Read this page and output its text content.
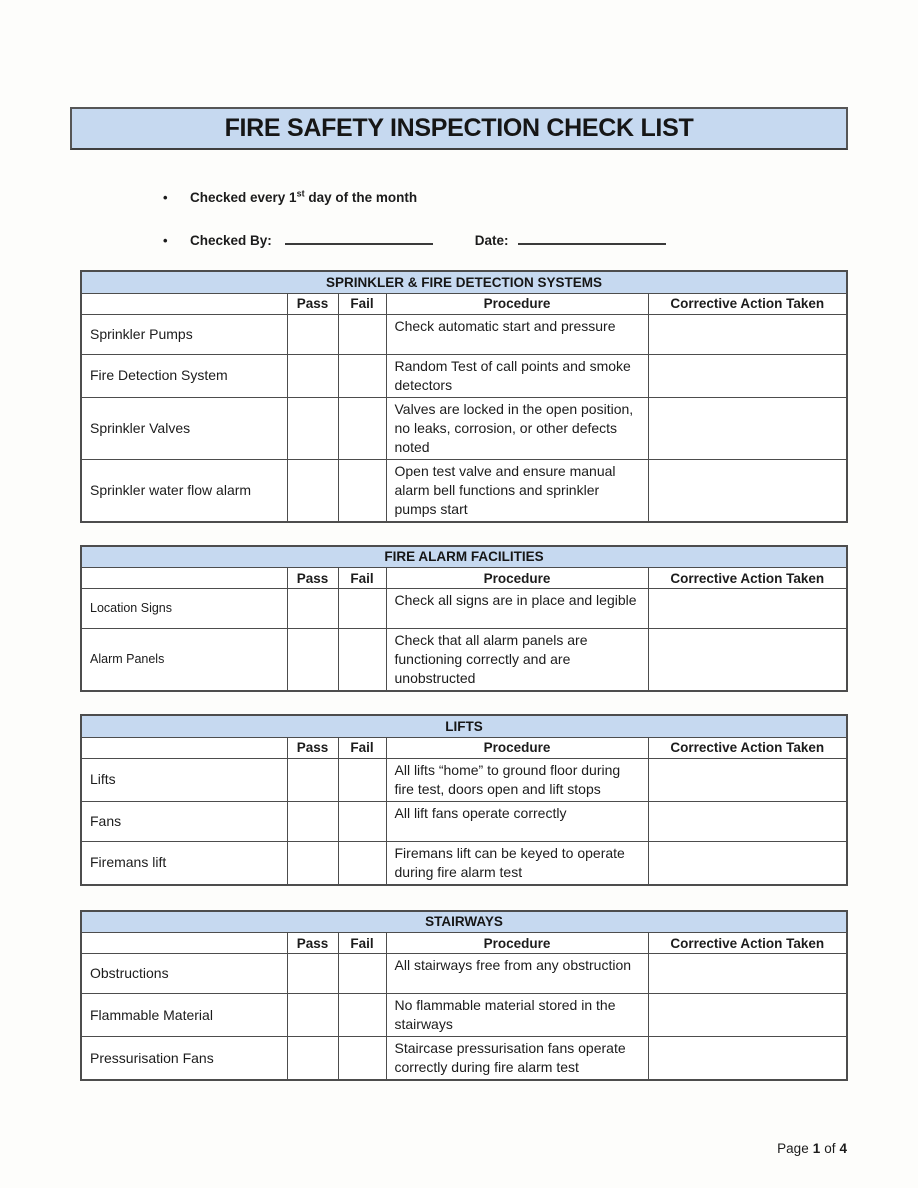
FIRE SAFETY INSPECTION CHECK LIST
•	Checked every 1st day of the month
•	Checked By:	Date:
SPRINKLER & FIRE DETECTION SYSTEMS				
	Pass	Fail	Procedure	Corrective Action Taken
Sprinkler Pumps			Check automatic start and pressure	
Fire Detection System			Random Test of call points and smoke detectors	
Sprinkler Valves			Valves are locked in the open position, no leaks, corrosion, or other defects noted	
Sprinkler water flow alarm			Open test valve and ensure manual alarm bell functions and sprinkler pumps start	
FIRE ALARM FACILITIES				
	Pass	Fail	Procedure	Corrective Action Taken
Location Signs			Check all signs are in place and legible	
Alarm Panels			Check that all alarm panels are functioning correctly and are unobstructed	
LIFTS				
	Pass	Fail	Procedure	Corrective Action Taken
Lifts			All lifts “home” to ground floor during fire test, doors open and lift stops	
Fans			All lift fans operate correctly	
Firemans lift			Firemans lift can be keyed to operate during fire alarm test	
STAIRWAYS				
	Pass	Fail	Procedure	Corrective Action Taken
Obstructions			All stairways free from any obstruction	
Flammable Material			No flammable material stored in the stairways	
Pressurisation Fans			Staircase pressurisation fans operate correctly during fire alarm test	
Page 1 of 4
